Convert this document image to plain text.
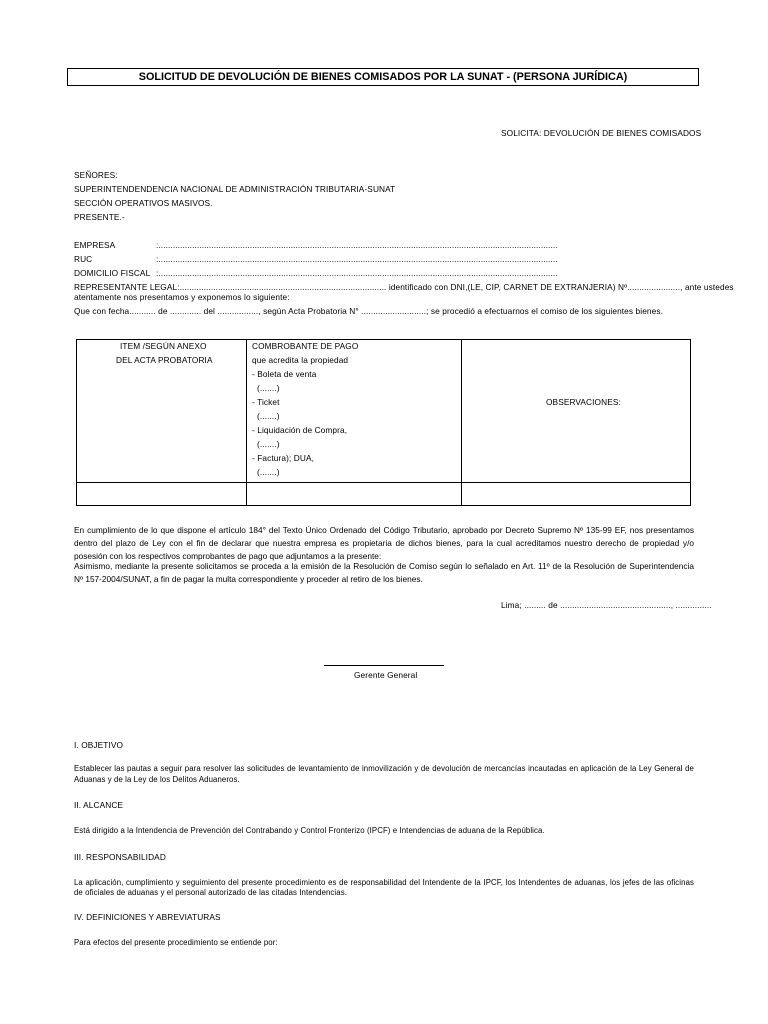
SOLICITUD DE DEVOLUCIÓN DE BIENES COMISADOS POR LA SUNAT - (PERSONA JURÍDICA)
SOLICITA: DEVOLUCIÓN DE BIENES COMISADOS
SEÑORES:
SUPERINTENDENDENCIA NACIONAL DE ADMINISTRACIÓN TRIBUTARIA-SUNAT
SECCIÓN OPERATIVOS MASIVOS.
PRESENTE.-
EMPRESA	:......................................................................................................................................................................
RUC	:......................................................................................................................................................................
DOMICILIO FISCAL :......................................................................................................................................................................
REPRESENTANTE LEGAL:...................................................................................... identificado con DNI,(LE, CIP, CARNET DE EXTRANJERIA) Nº......................, ante ustedes
atentamente nos presentamos y exponemos lo siguiente:
Que con fecha........... de ............. del ................., según Acta Probatoria N° ...........................; se procedió a efectuarnos el comiso de los siguientes bienes.
ITEM /SEGÚN ANEXO
DEL ACTA PROBATORIA
COMBROBANTE DE PAGO
que acredita la propiedad
- Boleta de venta
(.......)
- Ticket
(.......)
- Liquidación de Compra,
(.......)
- Factura); DUA,
(.......)
OBSERVACIONES:
En cumplimiento de lo que dispone el artículo 184° del Texto Único Ordenado del Código Tributario, aprobado por Decreto Supremo Nº 135-99 EF, nos presentamos dentro del plazo de Ley con el fin de declarar que nuestra empresa es propietaria de dichos bienes, para la cual acreditamos nuestro derecho de propiedad y/o posesión con los respectivos comprobantes de pago que adjuntamos a la presente:
Asimismo, mediante la presente solicitamos se proceda a la emisión de la Resolución de Comiso según lo señalado en Art. 11º de la Resolución de Superintendencia Nº 157-2004/SUNAT, a fin de pagar la multa correspondiente y proceder al retiro de los bienes.
Lima; ......... de .............................................., ...............
Gerente General
I. OBJETIVO
Establecer las pautas a seguir para resolver las solicitudes de levantamiento de inmovilización y de devolución de mercancías incautadas en aplicación de la Ley General de Aduanas y de la Ley de los Delitos Aduaneros.
II. ALCANCE
Está dirigido a la Intendencia de Prevención del Contrabando y Control Fronterizo (IPCF) e Intendencias de aduana de la República.
III. RESPONSABILIDAD
La aplicación, cumplimiento y seguimiento del presente procedimiento es de responsabilidad del Intendente de la IPCF, los Intendentes de aduanas, los jefes de las oficinas de oficiales de aduanas y el personal autorizado de las citadas Intendencias.
IV. DEFINICIONES Y ABREVIATURAS
Para efectos del presente procedimiento se entiende por:
